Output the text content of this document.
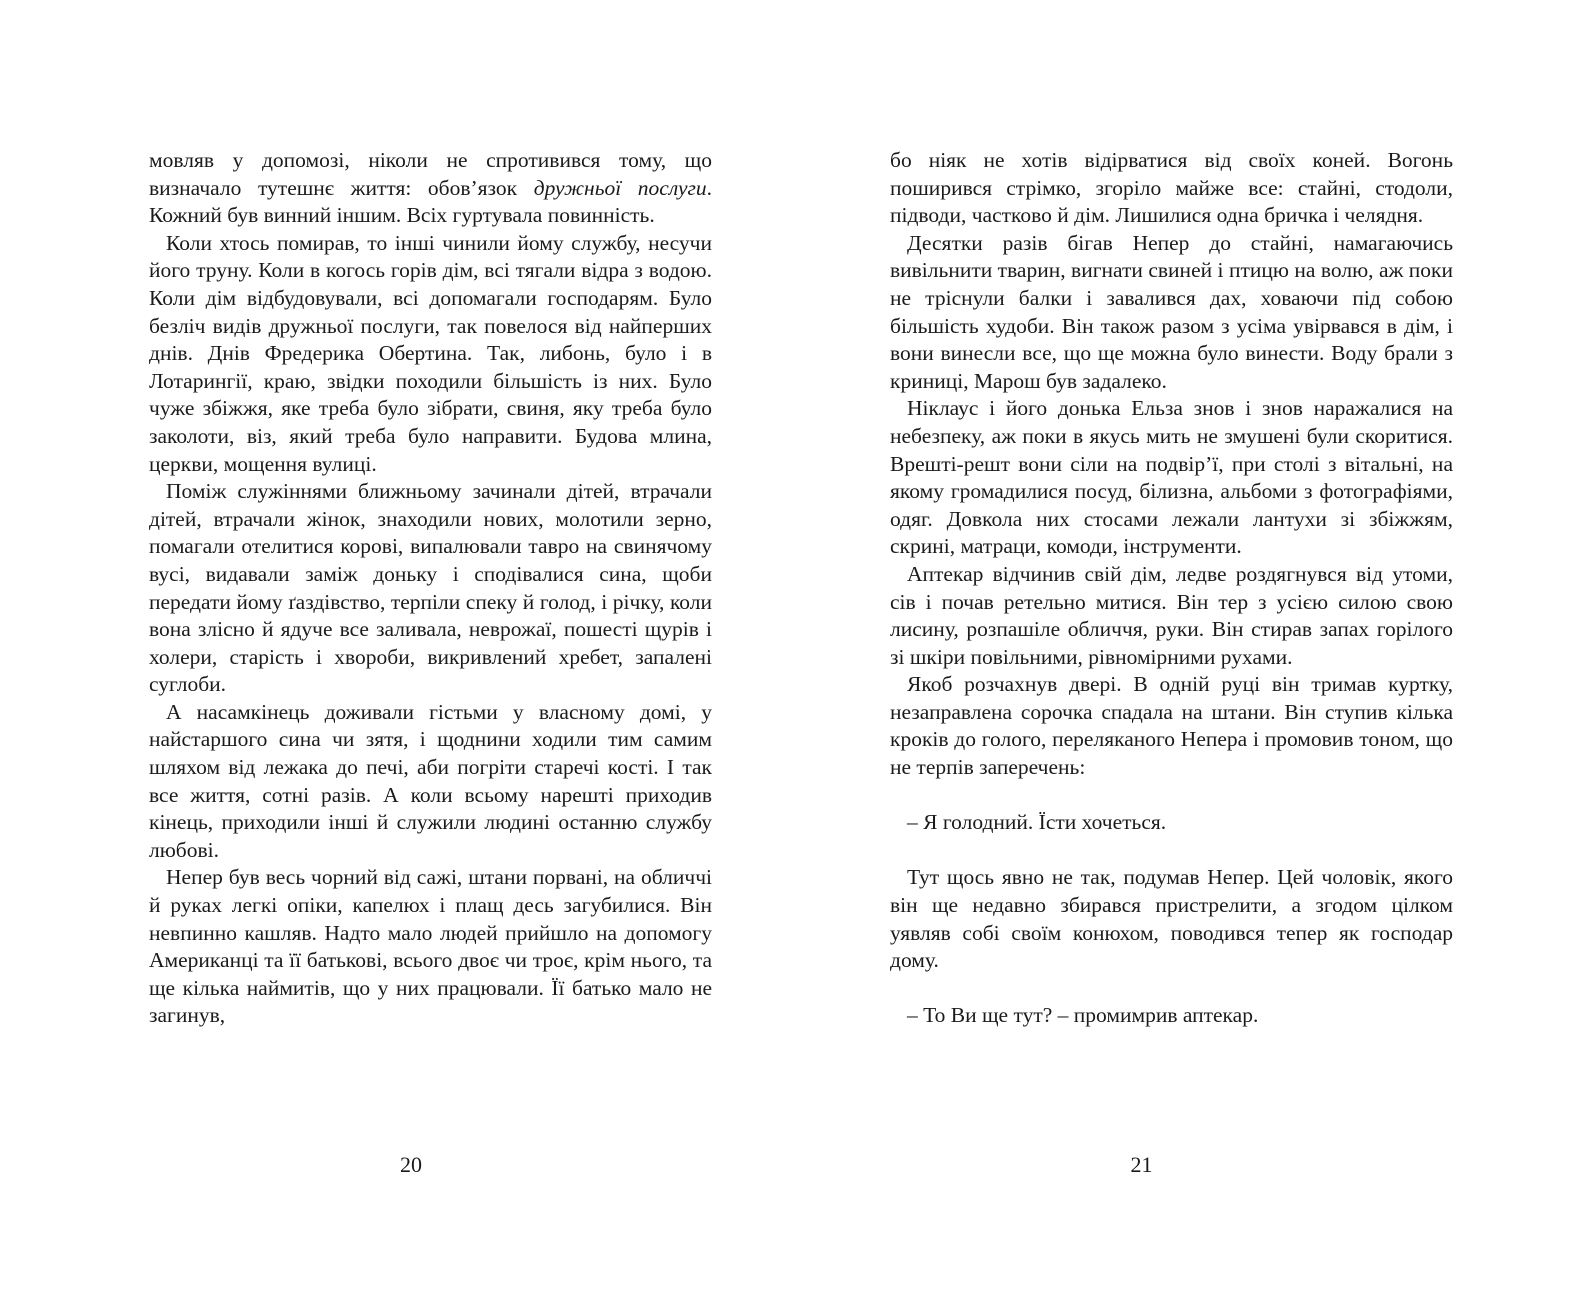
мовляв у допомозі, ніколи не спротивився тому, що визначало тутешнє життя: обов’язок дружньої послуги. Кожний був винний іншим. Всіх гуртувала повинність.

Коли хтось помирав, то інші чинили йому службу, несучи його труну. Коли в когось горів дім, всі тягали відра з водою. Коли дім відбудовували, всі допомагали господарям. Було безліч видів дружньої послуги, так повелося від найперших днів. Днів Фредерика Обертина. Так, либонь, було і в Лотарингії, краю, звідки походили більшість із них. Було чуже збіжжя, яке треба було зібрати, свиня, яку треба було заколоти, віз, який треба було направити. Будова млина, церкви, мощення вулиці.

Поміж служіннями ближньому зачинали дітей, втрачали дітей, втрачали жінок, знаходили нових, молотили зерно, помагали отелитися корові, випалювали тавро на свинячому вусі, видавали заміж доньку і сподівалися сина, щоби передати йому ґаздівство, терпіли спеку й голод, і річку, коли вона злісно й ядуче все заливала, неврожаї, пошесті щурів і холери, старість і хвороби, викривлений хребет, запалені суглоби.

А насамкінець доживали гістьми у власному домі, у найстаршого сина чи зятя, і щоднини ходили тим самим шляхом від лежака до печі, аби погріти старечі кості. І так все життя, сотні разів. А коли всьому нарешті приходив кінець, приходили інші й служили людині останню службу любові.

Непер був весь чорний від сажі, штани порвані, на обличчі й руках легкі опіки, капелюх і плащ десь загубилися. Він невпинно кашляв. Надто мало людей прийшло на допомогу Американці та її батькові, всього двоє чи троє, крім нього, та ще кілька наймитів, що у них працювали. Її батько мало не загинув,

20

бо ніяк не хотів відірватися від своїх коней. Вогонь поширився стрімко, згоріло майже все: стайні, стодоли, підводи, частково й дім. Лишилися одна бричка і челядня.

Десятки разів бігав Непер до стайні, намагаючись вивільнити тварин, вигнати свиней і птицю на волю, аж поки не тріснули балки і завалився дах, ховаючи під собою більшість худоби. Він також разом з усіма увірвався в дім, і вони винесли все, що ще можна було винести. Воду брали з криниці, Марош був задалеко.

Ніклаус і його донька Ельза знов і знов наражалися на небезпеку, аж поки в якусь мить не змушені були скоритися. Врешті-решт вони сіли на подвір’ї, при столі з вітальні, на якому громадилися посуд, білизна, альбоми з фотографіями, одяг. Довкола них стосами лежали лантухи зі збіжжям, скрині, матраци, комоди, інструменти.

Аптекар відчинив свій дім, ледве роздягнувся від утоми, сів і почав ретельно митися. Він тер з усією силою свою лисину, розпашіле обличчя, руки. Він стирав запах горілого зі шкіри повільними, рівномірними рухами.

Якоб розчахнув двері. В одній руці він тримав куртку, незаправлена сорочка спадала на штани. Він ступив кілька кроків до голого, переляканого Непера і промовив тоном, що не терпів заперечень:

– Я голодний. Їсти хочеться.

Тут щось явно не так, подумав Непер. Цей чоловік, якого він ще недавно збирався пристрелити, а згодом цілком уявляв собі своїм конюхом, поводився тепер як господар дому.

– То Ви ще тут? – промимрив аптекар.

21
